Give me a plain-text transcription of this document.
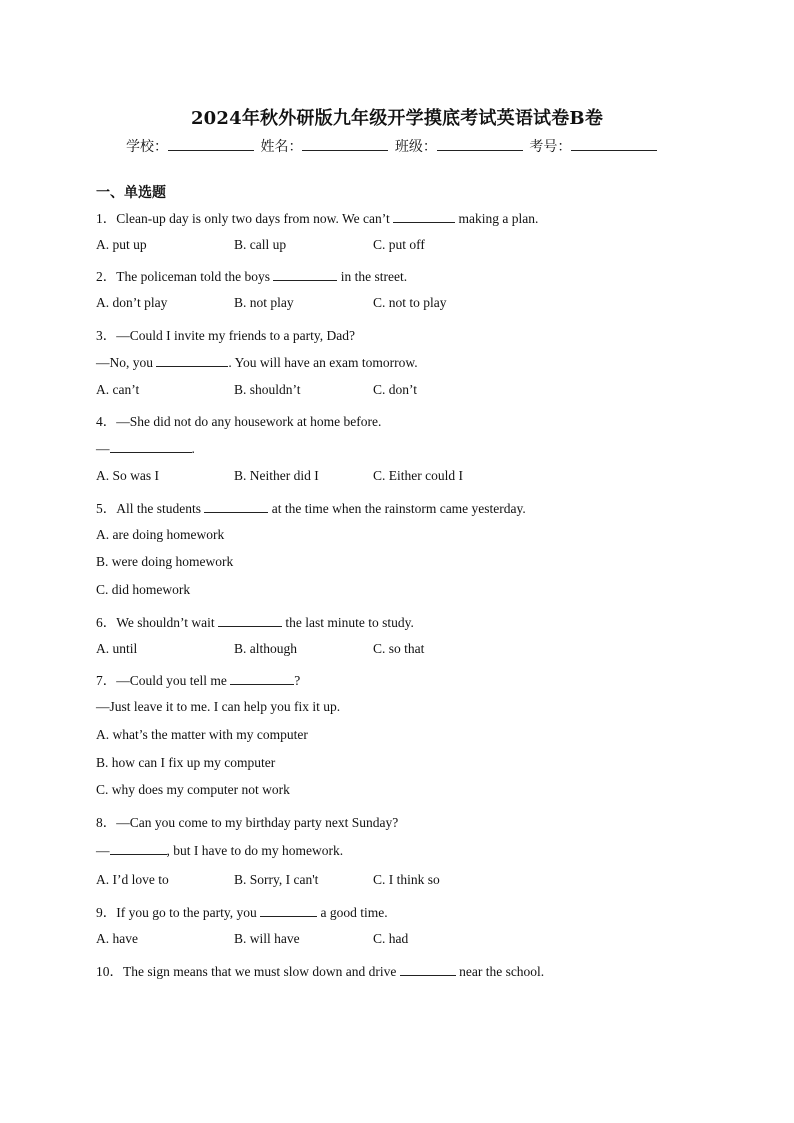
2024年秋外研版九年级开学摸底考试英语试卷B卷
学校：	姓名：	班级：	考号：
一、单选题
1．Clean-up day is only two days from now. We can’t	making a plan.
A. put up	B. call up	C. put off
2．The policeman told the boys	in the street.
A. don’t play	B. not play	C. not to play
3．—Could I invite my friends to a party, Dad?
—No, you	. You will have an exam tomorrow.
A. can’t	B. shouldn’t	C. don’t
4．—She did not do any housework at home before.
—	.
A. So was I	B. Neither did I	C. Either could I
5．All the students	at the time when the rainstorm came yesterday.
A. are doing homework
B. were doing homework
C. did homework
6．We shouldn’t wait	the last minute to study.
A. until	B. although	C. so that
7．—Could you tell me	?
—Just leave it to me. I can help you fix it up.
A. what’s the matter with my computer
B. how can I fix up my computer
C. why does my computer not work
8．—Can you come to my birthday party next Sunday?
—	, but I have to do my homework.
A. I’d love to	B. Sorry, I can't	C. I think so
9．If you go to the party, you	a good time.
A. have	B. will have	C. had
10．The sign means that we must slow down and drive	near the school.
